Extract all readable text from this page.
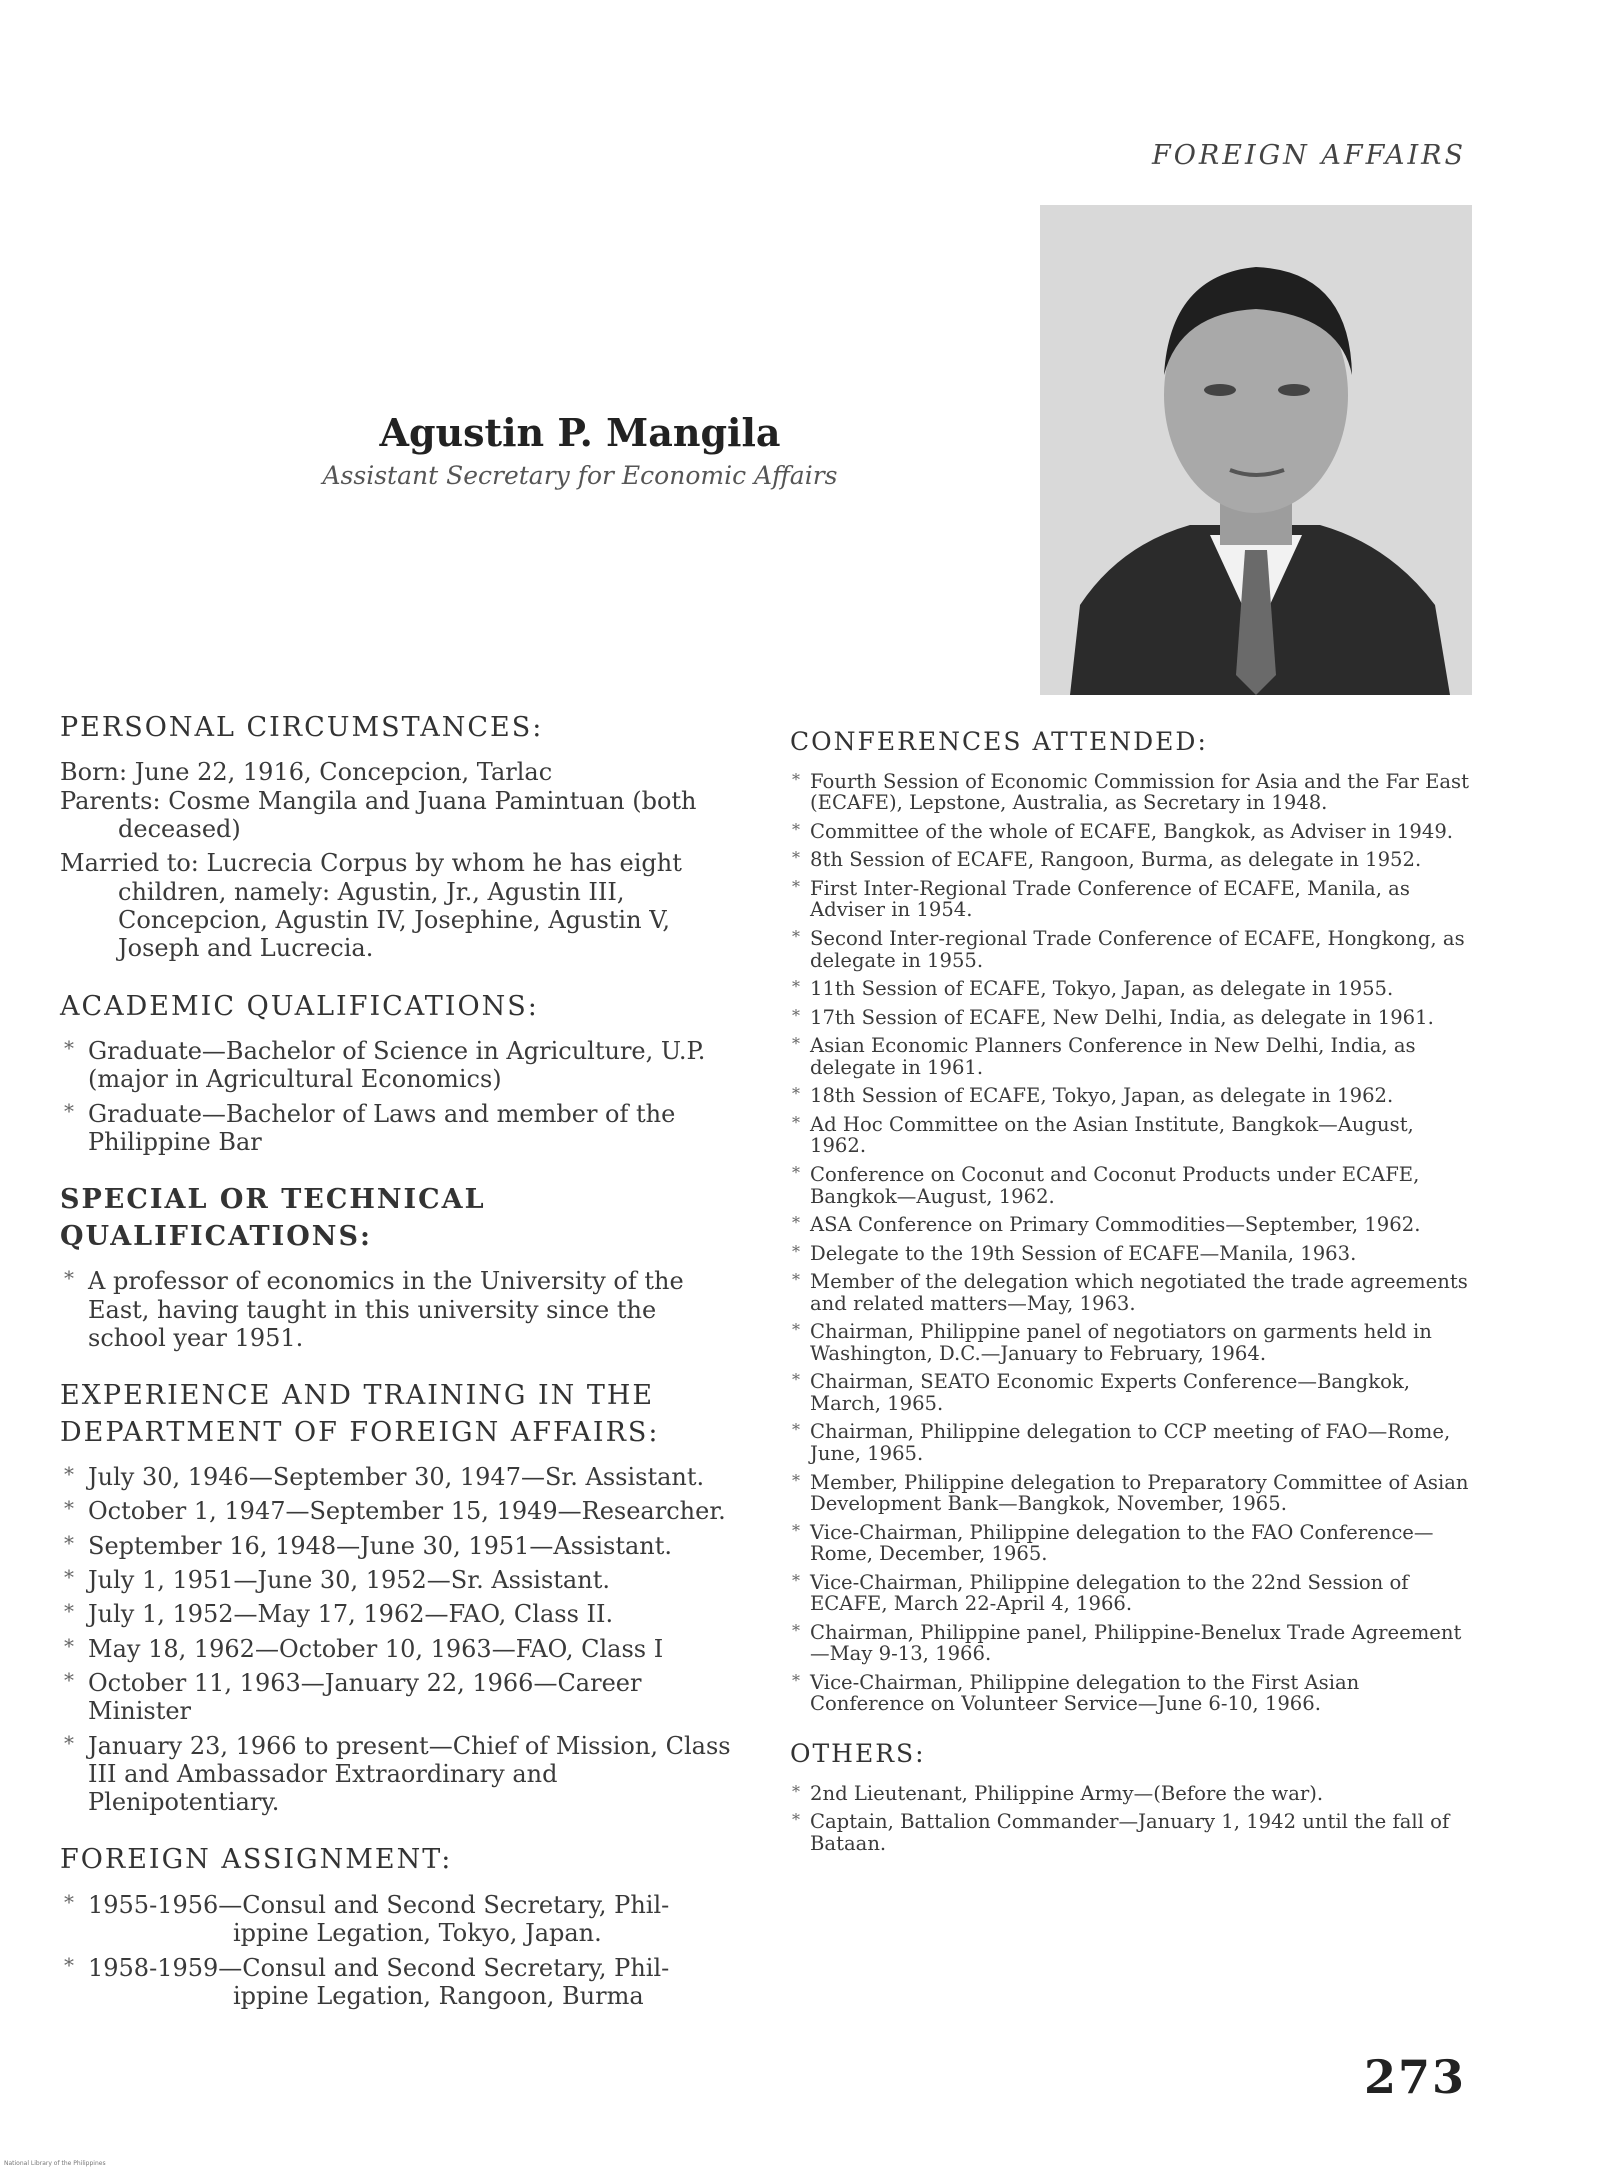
FOREIGN AFFAIRS
Agustin P. Mangila
Assistant Secretary for Economic Affairs
PERSONAL CIRCUMSTANCES:
Born: June 22, 1916, Concepcion, Tarlac
Parents: Cosme Mangila and Juana Pamintuan (both deceased)
Married to: Lucrecia Corpus by whom he has eight children, namely: Agustin, Jr., Agustin III, Concepcion, Agustin IV, Josephine, Agustin V, Joseph and Lucrecia.
ACADEMIC QUALIFICATIONS:
* Graduate—Bachelor of Science in Agriculture, U.P. (major in Agricultural Economics)
* Graduate—Bachelor of Laws and member of the Philippine Bar
SPECIAL OR TECHNICAL QUALIFICATIONS:
* A professor of economics in the University of the East, having taught in this university since the school year 1951.
EXPERIENCE AND TRAINING IN THE
DEPARTMENT OF FOREIGN AFFAIRS:
* July 30, 1946—September 30, 1947—Sr. Assistant.
* October 1, 1947—September 15, 1949—Researcher.
* September 16, 1948—June 30, 1951—Assistant.
* July 1, 1951—June 30, 1952—Sr. Assistant.
* July 1, 1952—May 17, 1962—FAO, Class II.
* May 18, 1962—October 10, 1963—FAO, Class I
* October 11, 1963—January 22, 1966—Career Minister
* January 23, 1966 to present—Chief of Mission, Class III and Ambassador Extraordinary and Plenipotentiary.
FOREIGN ASSIGNMENT:
* 1955-1956—Consul and Second Secretary, Phil-
ippine Legation, Tokyo, Japan.
* 1958-1959—Consul and Second Secretary, Phil-
ippine Legation, Rangoon, Burma
CONFERENCES ATTENDED:
* Fourth Session of Economic Commission for Asia and the Far East (ECAFE), Lepstone, Australia, as Secretary in 1948.
* Committee of the whole of ECAFE, Bangkok, as Adviser in 1949.
* 8th Session of ECAFE, Rangoon, Burma, as delegate in 1952.
* First Inter-Regional Trade Conference of ECAFE, Manila, as Adviser in 1954.
* Second Inter-regional Trade Conference of ECAFE, Hongkong, as delegate in 1955.
* 11th Session of ECAFE, Tokyo, Japan, as delegate in 1955.
* 17th Session of ECAFE, New Delhi, India, as delegate in 1961.
* Asian Economic Planners Conference in New Delhi, India, as delegate in 1961.
* 18th Session of ECAFE, Tokyo, Japan, as delegate in 1962.
* Ad Hoc Committee on the Asian Institute, Bangkok—August, 1962.
* Conference on Coconut and Coconut Products under ECAFE, Bangkok—August, 1962.
* ASA Conference on Primary Commodities—September, 1962.
* Delegate to the 19th Session of ECAFE—Manila, 1963.
* Member of the delegation which negotiated the trade agreements and related matters—May, 1963.
* Chairman, Philippine panel of negotiators on garments held in Washington, D.C.—January to February, 1964.
* Chairman, SEATO Economic Experts Conference—Bangkok, March, 1965.
* Chairman, Philippine delegation to CCP meeting of FAO—Rome, June, 1965.
* Member, Philippine delegation to Preparatory Committee of Asian Development Bank—Bangkok, November, 1965.
* Vice-Chairman, Philippine delegation to the FAO Conference—Rome, December, 1965.
* Vice-Chairman, Philippine delegation to the 22nd Session of ECAFE, March 22-April 4, 1966.
* Chairman, Philippine panel, Philippine-Benelux Trade Agreement—May 9-13, 1966.
* Vice-Chairman, Philippine delegation to the First Asian Conference on Volunteer Service—June 6-10, 1966.
OTHERS:
* 2nd Lieutenant, Philippine Army—(Before the war).
* Captain, Battalion Commander—January 1, 1942 until the fall of Bataan.
273
National Library of the Philippines
